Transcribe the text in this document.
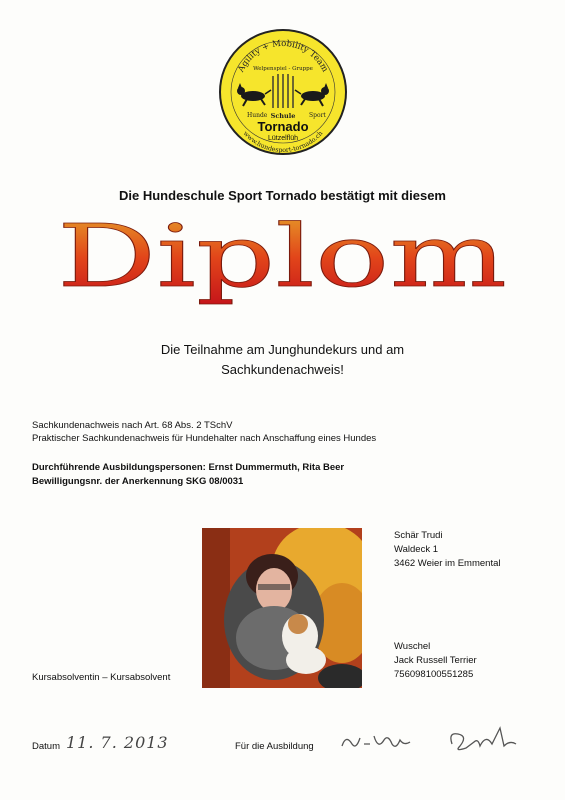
Agility + Mobility Team
Welpenspiel - Gruppe
Hunde Schule Sport
Tornado
Lützelflüh
www.hundesport-tornado.ch
Die Hundeschule Sport Tornado bestätigt mit diesem
Diplom
Die Teilnahme am Junghundekurs und am
Sachkundenachweis!
Sachkundenachweis nach Art. 68 Abs. 2 TSchV
Praktischer Sachkundenachweis für Hundehalter nach Anschaffung eines Hundes
Durchführende Ausbildungspersonen: Ernst Dummermuth, Rita Beer
Bewilligungsnr. der Anerkennung SKG 08/0031
Schär Trudi
Waldeck 1
3462 Weier im Emmental
Wuschel
Jack Russell Terrier
756098100551285
Kursabsolventin – Kursabsolvent
Datum 11. 7. 2013	Für die Ausbildung
